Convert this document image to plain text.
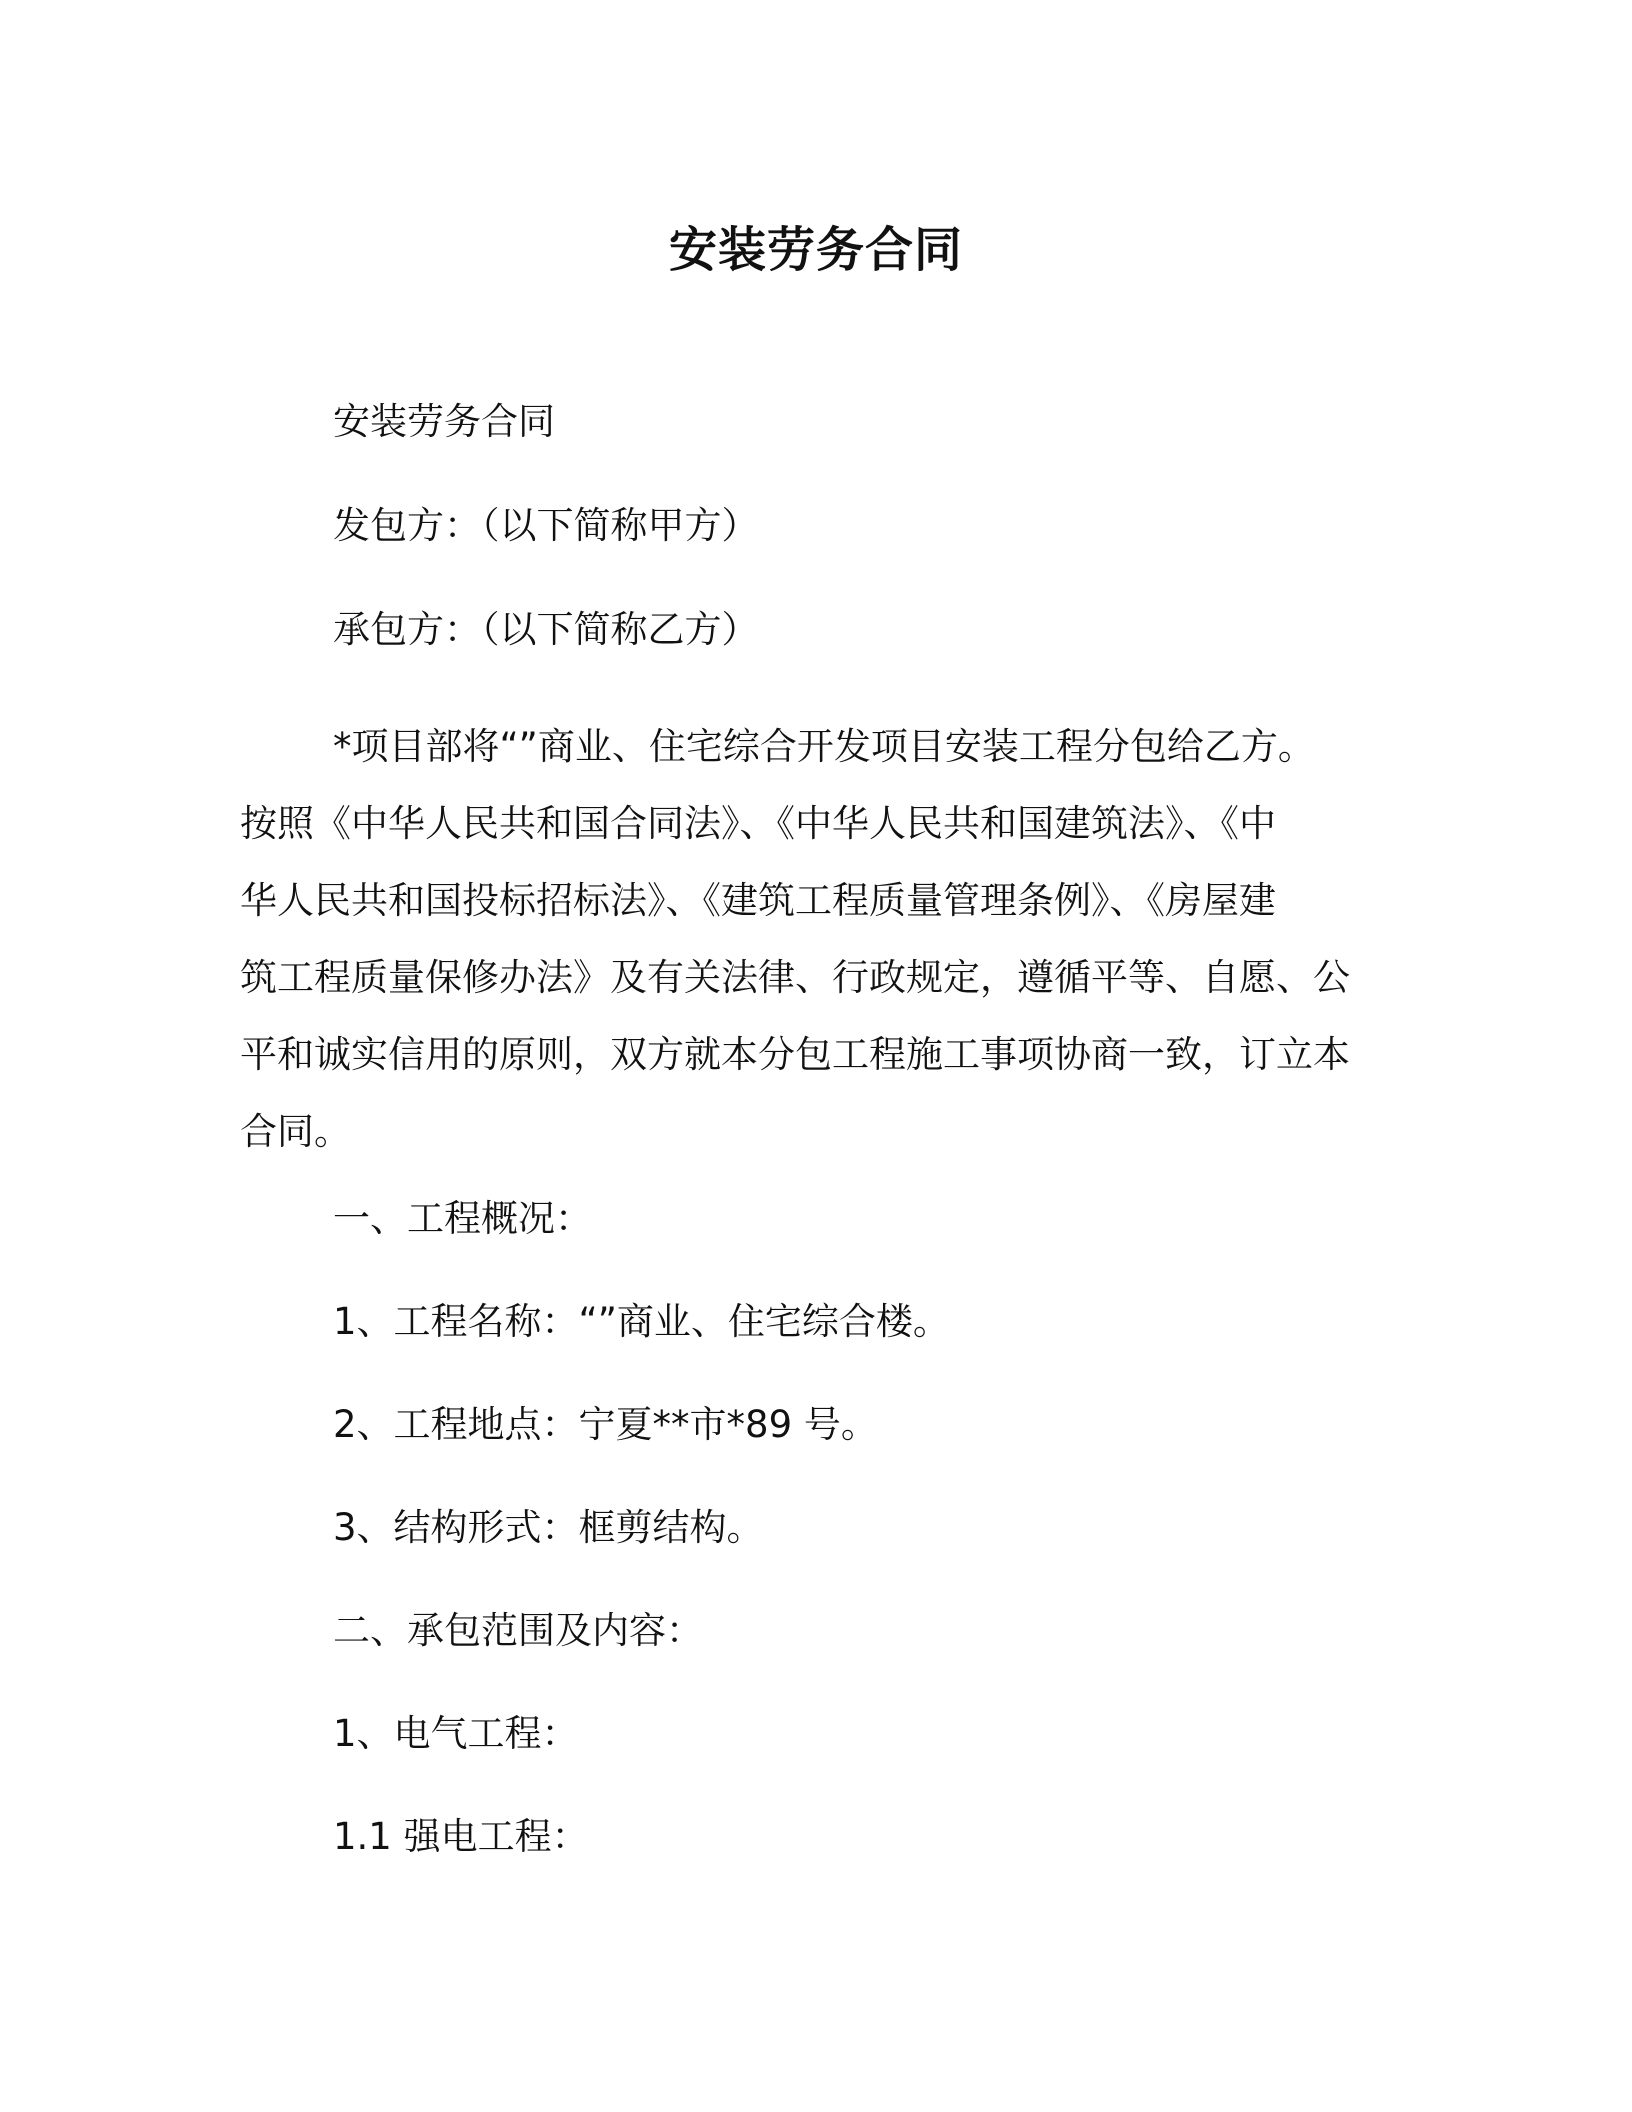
安装劳务合同
安装劳务合同
发包方：（以下简称甲方）
承包方：（以下简称乙方）
*项目部将“”商业、住宅综合开发项目安装工程分包给乙方。
按照《中华人民共和国合同法》、《中华人民共和国建筑法》、《中
华人民共和国投标招标法》、《建筑工程质量管理条例》、《房屋建
筑工程质量保修办法》及有关法律、行政规定，遵循平等、自愿、公
平和诚实信用的原则，双方就本分包工程施工事项协商一致，订立本
合同。
一、工程概况：
1、工程名称：“”商业、住宅综合楼。
2、工程地点：宁夏**市*89 号。
3、结构形式：框剪结构。
二、承包范围及内容：
1、电气工程：
1.1 强电工程：
